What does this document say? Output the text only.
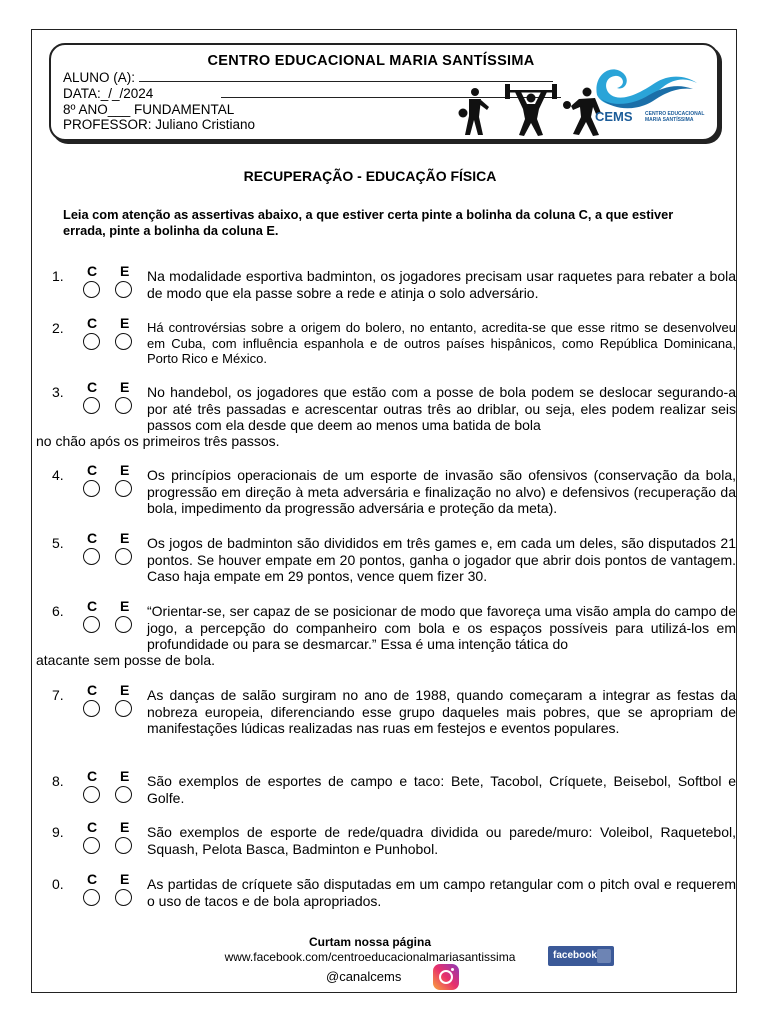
CENTRO EDUCACIONAL MARIA SANTÍSSIMA
ALUNO (A):
DATA:_/_/2024
8º ANO___ FUNDAMENTAL
PROFESSOR: Juliano Cristiano
CEMS CENTRO EDUCACIONAL
MARIA SANTÍSSIMA
RECUPERAÇÃO - EDUCAÇÃO FÍSICA
Leia com atenção as assertivas abaixo, a que estiver certa pinte a bolinha da coluna C, a que estiver errada, pinte a bolinha da coluna E.
1. C E Na modalidade esportiva badminton, os jogadores precisam usar raquetes para rebater a bola de modo que ela passe sobre a rede e atinja o solo adversário.
2. C E Há controvérsias sobre a origem do bolero, no entanto, acredita-se que esse ritmo se desenvolveu em Cuba, com influência espanhola e de outros países hispânicos, como República Dominicana, Porto Rico e México.
3. C E No handebol, os jogadores que estão com a posse de bola podem se deslocar segurando-a por até três passadas e acrescentar outras três ao driblar, ou seja, eles podem realizar seis passos com ela desde que deem ao menos uma batida de bola
no chão após os primeiros três passos.
4. C E Os princípios operacionais de um esporte de invasão são ofensivos (conservação da bola, progressão em direção à meta adversária e finalização no alvo) e defensivos (recuperação da bola, impedimento da progressão adversária e proteção da meta).
5. C E Os jogos de badminton são divididos em três games e, em cada um deles, são disputados 21 pontos. Se houver empate em 20 pontos, ganha o jogador que abrir dois pontos de vantagem. Caso haja empate em 29 pontos, vence quem fizer 30.
6. C E “Orientar-se, ser capaz de se posicionar de modo que favoreça uma visão ampla do campo de jogo, a percepção do companheiro com bola e os espaços possíveis para utilizá-los em profundidade ou para se desmarcar.” Essa é uma intenção tática do
atacante sem posse de bola.
7. C E As danças de salão surgiram no ano de 1988, quando começaram a integrar as festas da nobreza europeia, diferenciando esse grupo daqueles mais pobres, que se apropriam de manifestações lúdicas realizadas nas ruas em festejos e eventos populares.
8. C E São exemplos de esportes de campo e taco: Bete, Tacobol, Críquete, Beisebol, Softbol e Golfe.
9. C E São exemplos de esporte de rede/quadra dividida ou parede/muro: Voleibol, Raquetebol, Squash, Pelota Basca, Badminton e Punhobol.
0. C E As partidas de críquete são disputadas em um campo retangular com o pitch oval e requerem o uso de tacos e de bola apropriados.
Curtam nossa página
www.facebook.com/centroeducacionalmariasantissima	facebook
@canalcems
